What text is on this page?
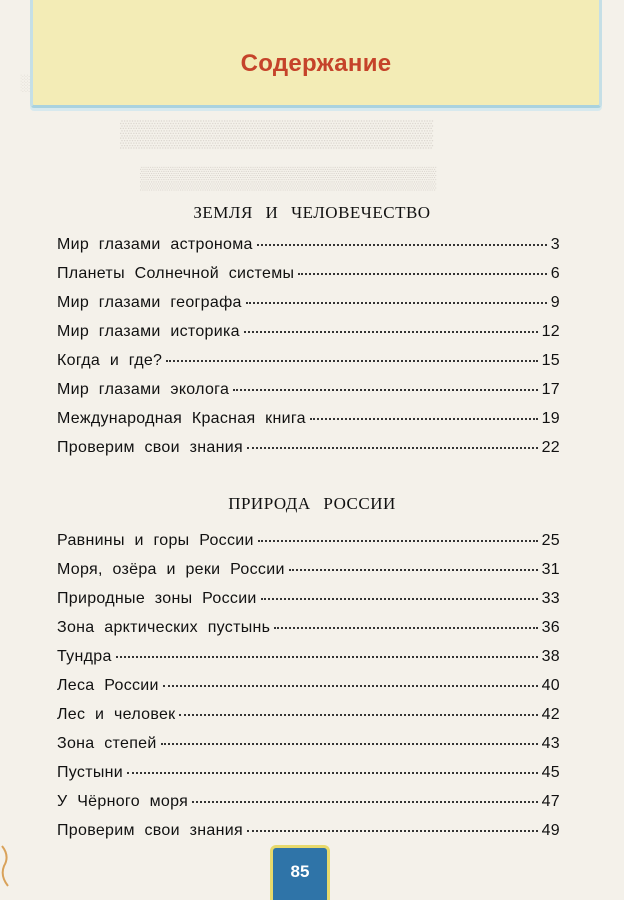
▒▒▒▒▒▒▒▒▒▒▒▒▒▒▒▒▒
▒▒▒▒▒▒▒▒▒▒▒▒▒▒▒▒▒▒▒
Содержание
ЗЕМЛЯ И ЧЕЛОВЕЧЕСТВО
Мир глазами астронома	3
Планеты Солнечной системы	6
Мир глазами географа	9
Мир глазами историка	12
Когда и где?	15
Мир глазами эколога	17
Международная Красная книга	19
Проверим свои знания	22
ПРИРОДА РОССИИ
Равнины и горы России	25
Моря, озёра и реки России	31
Природные зоны России	33
Зона арктических пустынь	36
Тундра	38
Леса России	40
Лес и человек	42
Зона степей	43
Пустыни	45
У Чёрного моря	47
Проверим свои знания	49
85
